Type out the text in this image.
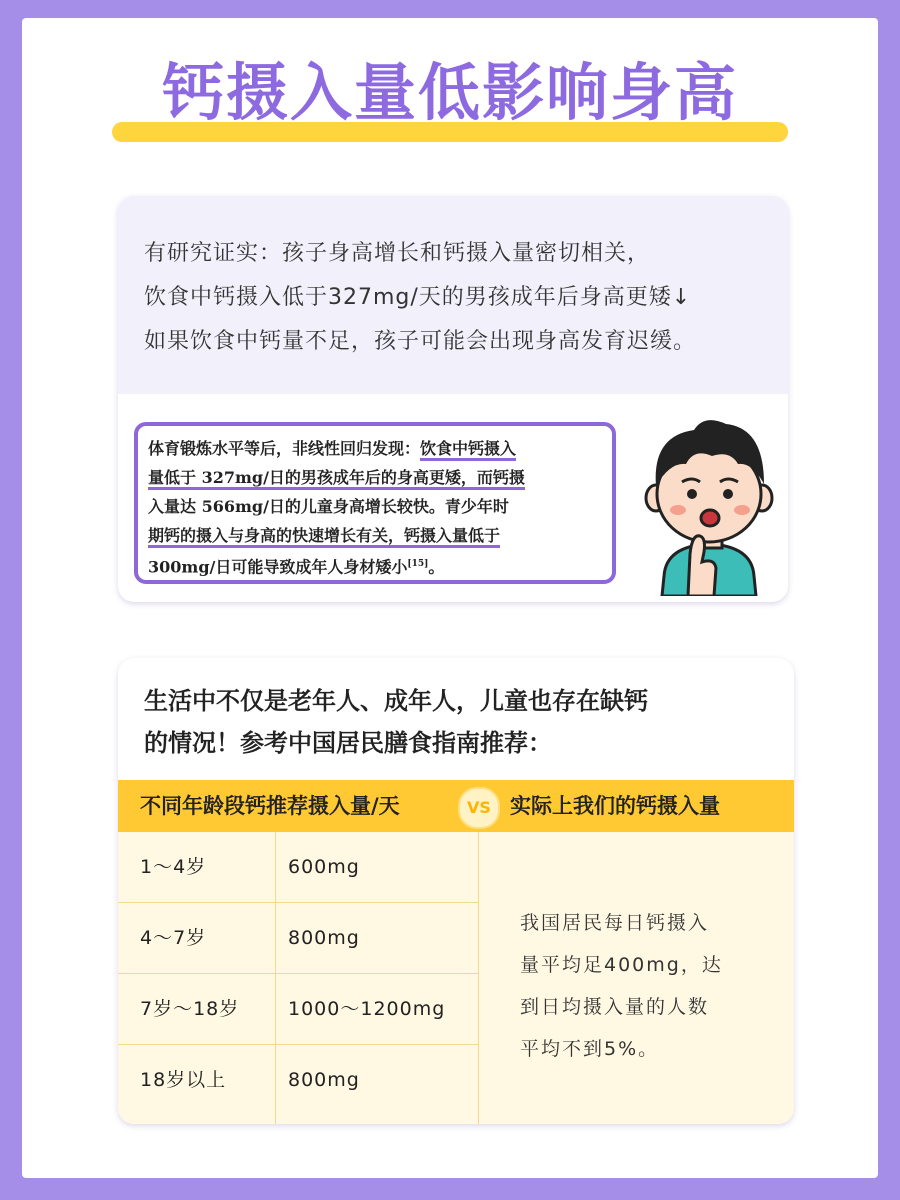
钙摄入量低影响身高
有研究证实：孩子身高增长和钙摄入量密切相关，
饮食中钙摄入低于327mg/天的男孩成年后身高更矮↓
如果饮食中钙量不足，孩子可能会出现身高发育迟缓。
体育锻炼水平等后，非线性回归发现：饮食中钙摄入
量低于 327mg/日的男孩成年后的身高更矮，而钙摄
入量达 566mg/日的儿童身高增长较快。青少年时
期钙的摄入与身高的快速增长有关，钙摄入量低于
300mg/日可能导致成年人身材矮小[15]。
生活中不仅是老年人、成年人，儿童也存在缺钙
的情况！参考中国居民膳食指南推荐：
不同年龄段钙推荐摄入量/天	VS 实际上我们的钙摄入量
1～4岁	600mg
4～7岁	800mg
7岁～18岁	1000～1200mg
18岁以上	800mg
我国居民每日钙摄入
量平均足400mg，达
到日均摄入量的人数
平均不到5%。
